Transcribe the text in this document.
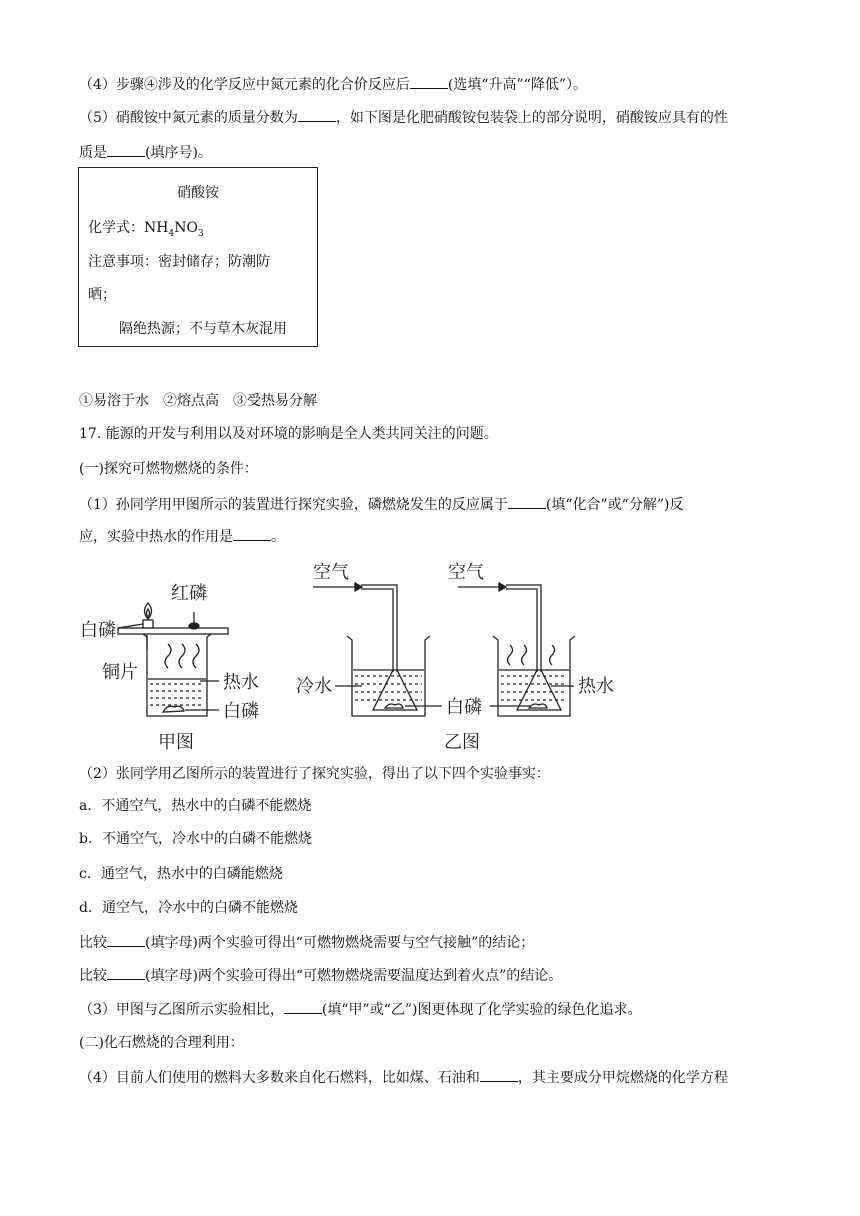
（4）步骤④涉及的化学反应中氮元素的化合价反应后	(选填“升高”“降低”）。
（5）硝酸铵中氮元素的质量分数为	，如下图是化肥硝酸铵包装袋上的部分说明，硝酸铵应具有的性
质是	(填序号)。
硝酸铵
化学式：$NH_4NO_3$
注意事项：密封储存；防潮防
晒；
隔绝热源；不与草木灰混用
①易溶于水　②熔点高　③受热易分解
17. 能源的开发与利用以及对环境的影响是全人类共同关注的问题。
(一)探究可燃物燃烧的条件：
（1）孙同学用甲图所示的装置进行探究实验，磷燃烧发生的反应属于	(填“化合”或“分解”)反
应，实验中热水的作用是	。
红磷
白磷
铜片	热水
白磷
甲图
空气	空气
冷水
白磷
热水
乙图
（2）张同学用乙图所示的装置进行了探究实验，得出了以下四个实验事实：
a．不通空气，热水中的白磷不能燃烧
b．不通空气，冷水中的白磷不能燃烧
c．通空气，热水中的白磷能燃烧
d．通空气，冷水中的白磷不能燃烧
比较	(填字母)两个实验可得出“可燃物燃烧需要与空气接触”的结论；
比较	(填字母)两个实验可得出“可燃物燃烧需要温度达到着火点”的结论。
（3）甲图与乙图所示实验相比，	(填“甲”或“乙”)图更体现了化学实验的绿色化追求。
(二)化石燃烧的合理利用：
（4）目前人们使用的燃料大多数来自化石燃料，比如煤、石油和	，其主要成分甲烷燃烧的化学方程
